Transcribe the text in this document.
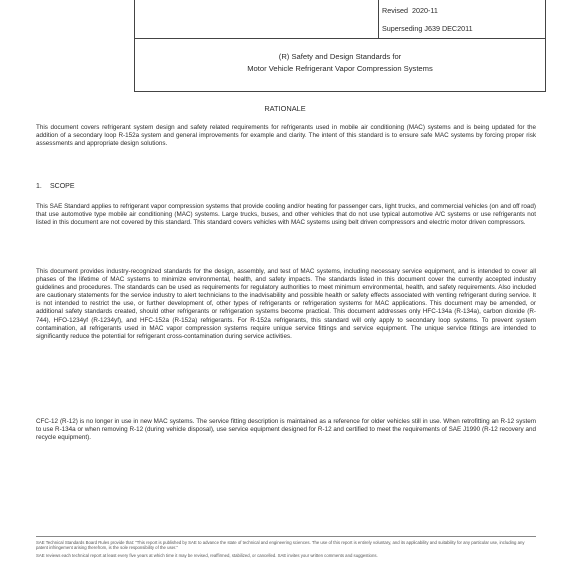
Revised 2020-11
Superseding J639 DEC2011
(R) Safety and Design Standards for
Motor Vehicle Refrigerant Vapor Compression Systems
RATIONALE
This document covers refrigerant system design and safety related requirements for refrigerants used in mobile air conditioning (MAC) systems and is being updated for the addition of a secondary loop R-152a system and general improvements for example and clarity. The intent of this standard is to ensure safe MAC systems by forcing proper risk assessments and appropriate design solutions.
1. SCOPE
This SAE Standard applies to refrigerant vapor compression systems that provide cooling and/or heating for passenger cars, light trucks, and commercial vehicles (on and off road) that use automotive type mobile air conditioning (MAC) systems. Large trucks, buses, and other vehicles that do not use typical automotive A/C systems or use refrigerants not listed in this document are not covered by this standard. This standard covers vehicles with MAC systems using belt driven compressors and electric motor driven compressors.
This document provides industry-recognized standards for the design, assembly, and test of MAC systems, including necessary service equipment, and is intended to cover all phases of the lifetime of MAC systems to minimize environmental, health, and safety impacts. The standards listed in this document cover the currently accepted industry guidelines and procedures. The standards can be used as requirements for regulatory authorities to meet minimum environmental, health, and safety requirements. Also included are cautionary statements for the service industry to alert technicians to the inadvisability and possible health or safety effects associated with venting refrigerant during service. It is not intended to restrict the use, or further development of, other types of refrigerants or refrigeration systems for MAC applications. This document may be amended, or additional safety standards created, should other refrigerants or refrigeration systems become practical. This document addresses only HFC-134a (R-134a), carbon dioxide (R-744), HFO-1234yf (R-1234yf), and HFC-152a (R-152a) refrigerants. For R-152a refrigerants, this standard will only apply to secondary loop systems. To prevent system contamination, all refrigerants used in MAC vapor compression systems require unique service fittings and service equipment. The unique service fittings are intended to significantly reduce the potential for refrigerant cross-contamination during service activities.
CFC-12 (R-12) is no longer in use in new MAC systems. The service fitting description is maintained as a reference for older vehicles still in use. When retrofitting an R-12 system to use R-134a or when removing R-12 (during vehicle disposal), use service equipment designed for R-12 and certified to meet the requirements of SAE J1990 (R-12 recovery and recycle equipment).
SAE Technical Standards Board Rules provide that: "This report is published by SAE to advance the state of technical and engineering sciences. The use of this report is entirely voluntary, and its applicability and suitability for any particular use, including any patent infringement arising therefrom, is the sole responsibility of the user."
SAE reviews each technical report at least every five years at which time it may be revised, reaffirmed, stabilized, or cancelled. SAE invites your written comments and suggestions.
